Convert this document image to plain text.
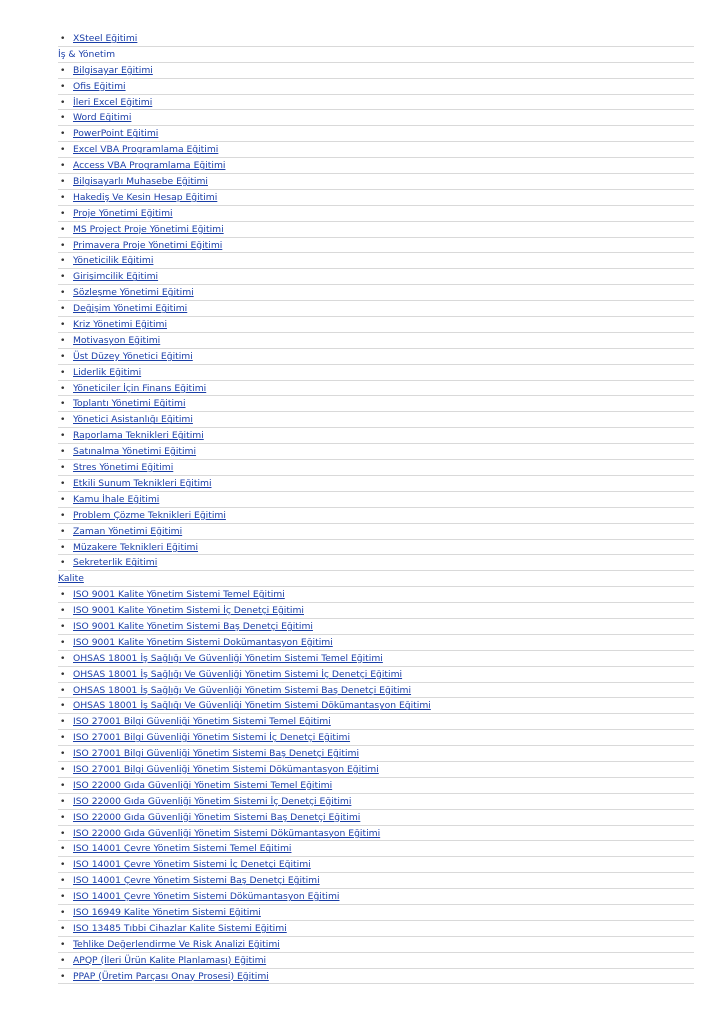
• XSteel Eğitimi
İş & Yönetim
• Bilgisayar Eğitimi
• Ofis Eğitimi
• İleri Excel Eğitimi
• Word Eğitimi
• PowerPoint Eğitimi
• Excel VBA Programlama Eğitimi
• Access VBA Programlama Eğitimi
• Bilgisayarlı Muhasebe Eğitimi
• Hakediş Ve Kesin Hesap Eğitimi
• Proje Yönetimi Eğitimi
• MS Project Proje Yönetimi Eğitimi
• Primavera Proje Yönetimi Eğitimi
• Yöneticilik Eğitimi
• Girişimcilik Eğitimi
• Sözleşme Yönetimi Eğitimi
• Değişim Yönetimi Eğitimi
• Kriz Yönetimi Eğitimi
• Motivasyon Eğitimi
• Üst Düzey Yönetici Eğitimi
• Liderlik Eğitimi
• Yöneticiler İçin Finans Eğitimi
• Toplantı Yönetimi Eğitimi
• Yönetici Asistanlığı Eğitimi
• Raporlama Teknikleri Eğitimi
• Satınalma Yönetimi Eğitimi
• Stres Yönetimi Eğitimi
• Etkili Sunum Teknikleri Eğitimi
• Kamu İhale Eğitimi
• Problem Çözme Teknikleri Eğitimi
• Zaman Yönetimi Eğitimi
• Müzakere Teknikleri Eğitimi
• Sekreterlik Eğitimi
Kalite
• ISO 9001 Kalite Yönetim Sistemi Temel Eğitimi
• ISO 9001 Kalite Yönetim Sistemi İç Denetçi Eğitimi
• ISO 9001 Kalite Yönetim Sistemi Baş Denetçi Eğitimi
• ISO 9001 Kalite Yönetim Sistemi Dokümantasyon Eğitimi
• OHSAS 18001 İş Sağlığı Ve Güvenliği Yönetim Sistemi Temel Eğitimi
• OHSAS 18001 İş Sağlığı Ve Güvenliği Yönetim Sistemi İç Denetçi Eğitimi
• OHSAS 18001 İş Sağlığı Ve Güvenliği Yönetim Sistemi Baş Denetçi Eğitimi
• OHSAS 18001 İş Sağlığı Ve Güvenliği Yönetim Sistemi Dökümantasyon Eğitimi
• ISO 27001 Bilgi Güvenliği Yönetim Sistemi Temel Eğitimi
• ISO 27001 Bilgi Güvenliği Yönetim Sistemi İç Denetçi Eğitimi
• ISO 27001 Bilgi Güvenliği Yönetim Sistemi Baş Denetçi Eğitimi
• ISO 27001 Bilgi Güvenliği Yönetim Sistemi Dökümantasyon Eğitimi
• ISO 22000 Gıda Güvenliği Yönetim Sistemi Temel Eğitimi
• ISO 22000 Gıda Güvenliği Yönetim Sistemi İç Denetçi Eğitimi
• ISO 22000 Gıda Güvenliği Yönetim Sistemi Baş Denetçi Eğitimi
• ISO 22000 Gıda Güvenliği Yönetim Sistemi Dökümantasyon Eğitimi
• ISO 14001 Çevre Yönetim Sistemi Temel Eğitimi
• ISO 14001 Çevre Yönetim Sistemi İç Denetçi Eğitimi
• ISO 14001 Çevre Yönetim Sistemi Baş Denetçi Eğitimi
• ISO 14001 Çevre Yönetim Sistemi Dökümantasyon Eğitimi
• ISO 16949 Kalite Yönetim Sistemi Eğitimi
• ISO 13485 Tıbbi Cihazlar Kalite Sistemi Eğitimi
• Tehlike Değerlendirme Ve Risk Analizi Eğitimi
• APQP (İleri Ürün Kalite Planlaması) Eğitimi
• PPAP (Üretim Parçası Onay Prosesi) Eğitimi
